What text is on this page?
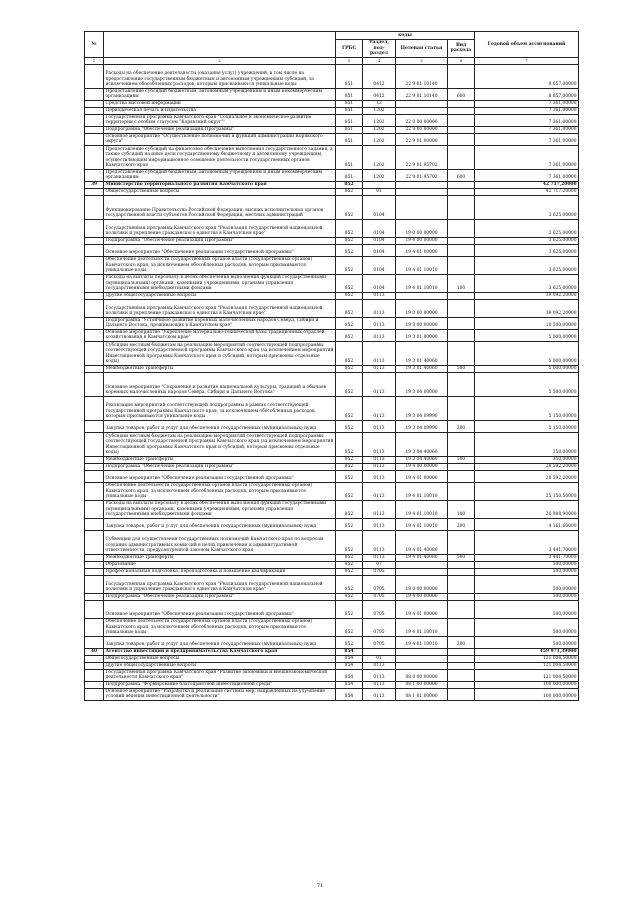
№		коды				Годовой объем ассигнований
		ГРБС	Раздел, под-раздел	Целевая статья	Вид расхода	
1	2	3	4	5	6	7
	Расходы на обеспечение деятельности (оказание услуг) учреждений, в том числе на предоставление государственным бюджетным и автономным учреждениям субсидий, за исключением обособленных расходов, которым присваиваются уникальные коды	851	0412	22 9 01 10140		8 657,00000
	Предоставление субсидий бюджетным, автономным учреждениям и иным некоммерческим организациям	851	0412	22 9 01 10140	600	8 657,00000
	Средства массовой информации	851	12			7 361,00000
	Периодическая печать и издательства	851	1202			7 361,00000
	Государственная программа Камчатского края "Социальное и экономическое развитие территории с особым статусом "Корякский округ""	851	1202	22 0 00 00000		7 361,00000
	Подпрограмма "Обеспечение реализации Программы"	851	1202	22 9 00 00000		7 361,00000
	Основное мероприятие "Осуществление полномочий и функций администрации Корякского округа"	851	1202	22 9 01 00000		7 361,00000
	Предоставление субсидий на финансовое обеспечение выполнения государственного задания, а также субсидий на иные цели государственному бюджетному и автономному учреждениям, осуществляющим информационное освещение деятельности государственных органов Камчатского края	851	1202	22 9 01 95702		7 361,00000
	Предоставление субсидий бюджетным, автономным учреждениям и иным некоммерческим организациям	851	1202	22 9 01 95702	600	7 361,00000
39	Министерство территориального развития Камчатского края	852				42 717,20000
	Общегосударственные вопросы	852	01			42 717,20000
	Функционирование Правительства Российской Федерации, высших исполнительных органов государственной власти субъектов Российской Федерации, местных администраций	852	0104			3 625,00000
	Государственная программа Камчатского края "Реализация государственной национальной политики и укрепление гражданского единства в Камчатском крае"	852	0104	19 0 00 00000		3 625,00000
	Подпрограмма "Обеспечение реализации Программы"	852	0104	19 4 00 00000		3 625,00000
	Основное мероприятие "Обеспечение реализации государственной программы"	852	0104	19 4 01 00000		3 625,00000
	Обеспечение деятельности государственных органов власти (государственных органов) Камчатского края, за исключением обособленных расходов, которым присваиваются уникальные коды	852	0104	19 4 01 10010		3 625,00000
	Расходы на выплаты персоналу в целях обеспечения выполнения функций государственными (муниципальными) органами, казенными учреждениями, органами управления государственными внебюджетными фондами	852	0104	19 4 01 10010	100	3 625,00000
	Другие общегосударственные вопросы	852	0113			39 092,20000
	Государственная программа Камчатского края "Реализация государственной национальной политики и укрепление гражданского единства в Камчатском крае"	852	0113	19 0 00 00000		39 092,20000
	Подпрограмма "Устойчивое развитие коренных малочисленных народов Севера, Сибири и Дальнего Востока, проживающих в Камчатском крае"	852	0113	19 3 00 00000		10 500,00000
	Основное мероприятие "Укрепление материально-технической базы традиционных отраслей хозяйствования в Камчатском крае"	852	0113	19 3 01 00000		5 000,00000
	Субсидии местным бюджетам на реализацию мероприятий соответствующей подпрограммы соответствующей государственной программы Камчатского края (за исключением мероприятий Инвестиционной программы Камчатского края и субсидий, которым присвоены отдельные коды)	852	0113	19 3 01 40060		5 000,00000
	Межбюджетные трансферты	852	0113	19 3 01 40060	500	5 000,00000
	Основное мероприятие "Сохранение и развитие национальной культуры, традиций и обычаев коренных малочисленных народов Севера, Сибири и Дальнего Востока"	852	0113	19 3 04 00000		5 500,00000
	Реализация мероприятий соответствующей подпрограммы в рамках соответствующей государственной программы Камчатского края, за исключением обособленных расходов, которым присваиваются уникальные коды	852	0113	19 3 04 09990		5 150,00000
	Закупка товаров, работ и услуг для обеспечения государственных (муниципальных) нужд	852	0113	19 3 04 09990	200	5 150,00000
	Субсидии местным бюджетам на реализацию мероприятий соответствующей подпрограммы соответствующей государственной программы Камчатского края (за исключением мероприятий Инвестиционной программы Камчатского края и субсидий, которым присвоены отдельные коды)	852	0113	19 3 04 40060		350,00000
	Межбюджетные трансферты	852	0113	19 3 04 40060	500	350,00000
	Подпрограмма "Обеспечение реализации Программы"	852	0113	19 4 00 00000		28 592,20000
	Основное мероприятие "Обеспечение реализации государственной программы"	852	0113	19 4 01 00000		28 592,20000
	Обеспечение деятельности государственных органов власти (государственных органов) Камчатского края, за исключением обособленных расходов, которым присваиваются уникальные коды	852	0113	19 4 01 10010		25 150,50000
	Расходы на выплаты персоналу в целях обеспечения выполнения функций государственными (муниципальными) органами, казенными учреждениями, органами управления государственными внебюджетными фондами	852	0113	19 4 01 10010	100	20 988,90000
	Закупка товаров, работ и услуг для обеспечения государственных (муниципальных) нужд	852	0113	19 4 01 10010	200	4 161,60000
	Субвенции для осуществления государственных полномочий Камчатского края по вопросам создания административных комиссий в целях привлечения к административной ответственности, предусмотренной законом Камчатского края	852	0113	19 4 01 40080		3 441,70000
	Межбюджетные трансферты	852	0113	19 4 01 40080	500	3 441,70000
	Образование	852	07			500,00000
	Профессиональная подготовка, переподготовка и повышение квалификации	852	0705			500,00000
	Государственная программа Камчатского края "Реализация государственной национальной политики и укрепление гражданского единства в Камчатском крае"	852	0705	19 0 00 00000		500,00000
	Подпрограмма "Обеспечение реализации Программы"	852	0705	19 4 00 00000		500,00000
	Основное мероприятие "Обеспечение реализации государственной программы"	852	0705	19 4 01 00000		500,00000
	Обеспечение деятельности государственных органов власти (государственных органов) Камчатского края, за исключением обособленных расходов, которым присваиваются уникальные коды	852	0705	19 4 01 10010		500,00000
	Закупка товаров, работ и услуг для обеспечения государственных (муниципальных) нужд	852	0705	19 4 01 10010	200	500,00000
40	Агентство инвестиций и предпринимательства Камчатского края	854				459 971,39000
	Общегосударственные вопросы	854	01			121 004,50000
	Другие общегосударственные вопросы	854	0113			121 004,50000
	Государственная программа Камчатского края "Развитие экономики и внешнеэкономической деятельности Камчатского края"	854	0113	08 0 00 00000		121 004,50000
	Подпрограмма "Формирование благоприятной инвестиционной среды"	854	0113	08 1 00 00000		100 000,00000
	Основное мероприятие "Разработка и реализация системы мер, направленных на улучшение условий ведения инвестиционной деятельности"	854	0113	08 1 01 00000		100 000,00000
71
